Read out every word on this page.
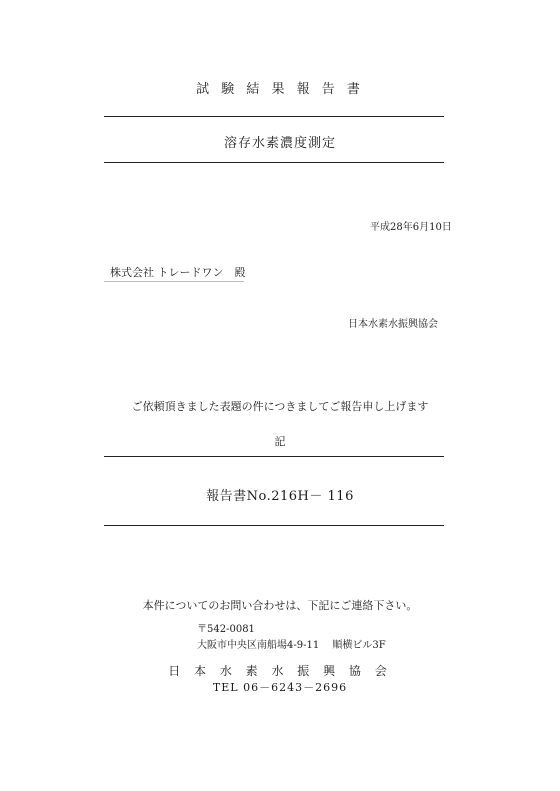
試 験 結 果 報 告 書
溶存水素濃度測定
平成28年6月10日
株式会社 トレードワン　殿
日本水素水振興協会
ご依頼頂きました表題の件につきましてご報告申し上げます
記
報告書No.216H－ 116
本件についてのお問い合わせは、下記にご連絡下さい。
〒542-0081
大阪市中央区南船場4-9-11　 順横ビル3F
日 本 水 素 水 振 興 協 会
TEL 06－6243－2696
